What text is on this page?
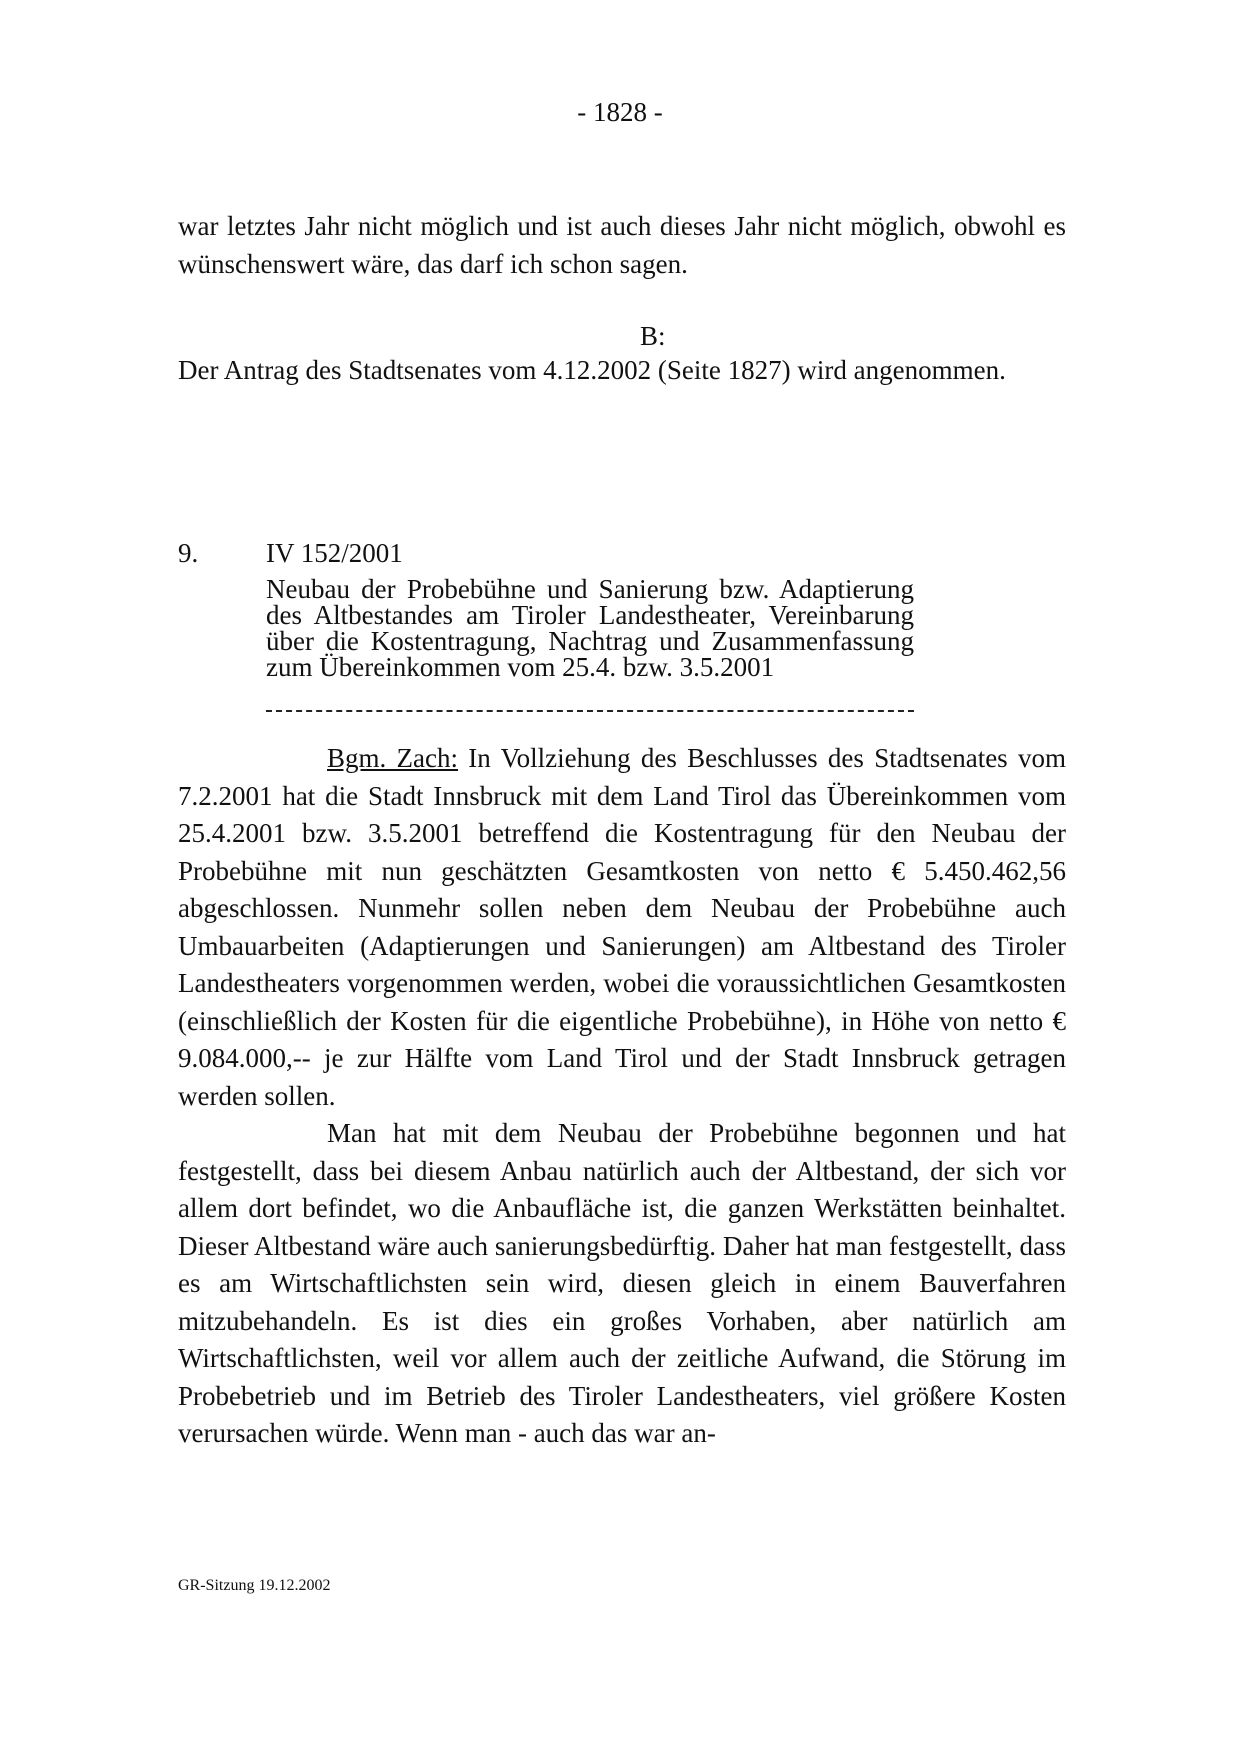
- 1828 -

war letztes Jahr nicht möglich und ist auch dieses Jahr nicht möglich, obwohl es wünschenswert wäre, das darf ich schon sagen.

B:

Der Antrag des Stadtsenates vom 4.12.2002 (Seite 1827) wird angenommen.

9.	IV 152/2001
Neubau der Probebühne und Sanierung bzw. Adaptierung des Altbestandes am Tiroler Landestheater, Vereinbarung über die Kostentragung, Nachtrag und Zusammenfassung zum Übereinkommen vom 25.4. bzw. 3.5.2001

Bgm. Zach: In Vollziehung des Beschlusses des Stadtsenates vom 7.2.2001 hat die Stadt Innsbruck mit dem Land Tirol das Übereinkommen vom 25.4.2001 bzw. 3.5.2001 betreffend die Kostentragung für den Neubau der Probebühne mit nun geschätzten Gesamtkosten von netto € 5.450.462,56 abgeschlossen. Nunmehr sollen neben dem Neubau der Probebühne auch Umbauarbeiten (Adaptierungen und Sanierungen) am Altbestand des Tiroler Landestheaters vorgenommen werden, wobei die voraussichtlichen Gesamtkosten (einschließlich der Kosten für die eigentliche Probebühne), in Höhe von netto € 9.084.000,-- je zur Hälfte vom Land Tirol und der Stadt Innsbruck getragen werden sollen.

Man hat mit dem Neubau der Probebühne begonnen und hat festgestellt, dass bei diesem Anbau natürlich auch der Altbestand, der sich vor allem dort befindet, wo die Anbaufläche ist, die ganzen Werkstätten beinhaltet. Dieser Altbestand wäre auch sanierungsbedürftig. Daher hat man festgestellt, dass es am Wirtschaftlichsten sein wird, diesen gleich in einem Bauverfahren mitzubehandeln. Es ist dies ein großes Vorhaben, aber natürlich am Wirtschaftlichsten, weil vor allem auch der zeitliche Aufwand, die Störung im Probebetrieb und im Betrieb des Tiroler Landestheaters, viel größere Kosten verursachen würde. Wenn man - auch das war an-

GR-Sitzung 19.12.2002
